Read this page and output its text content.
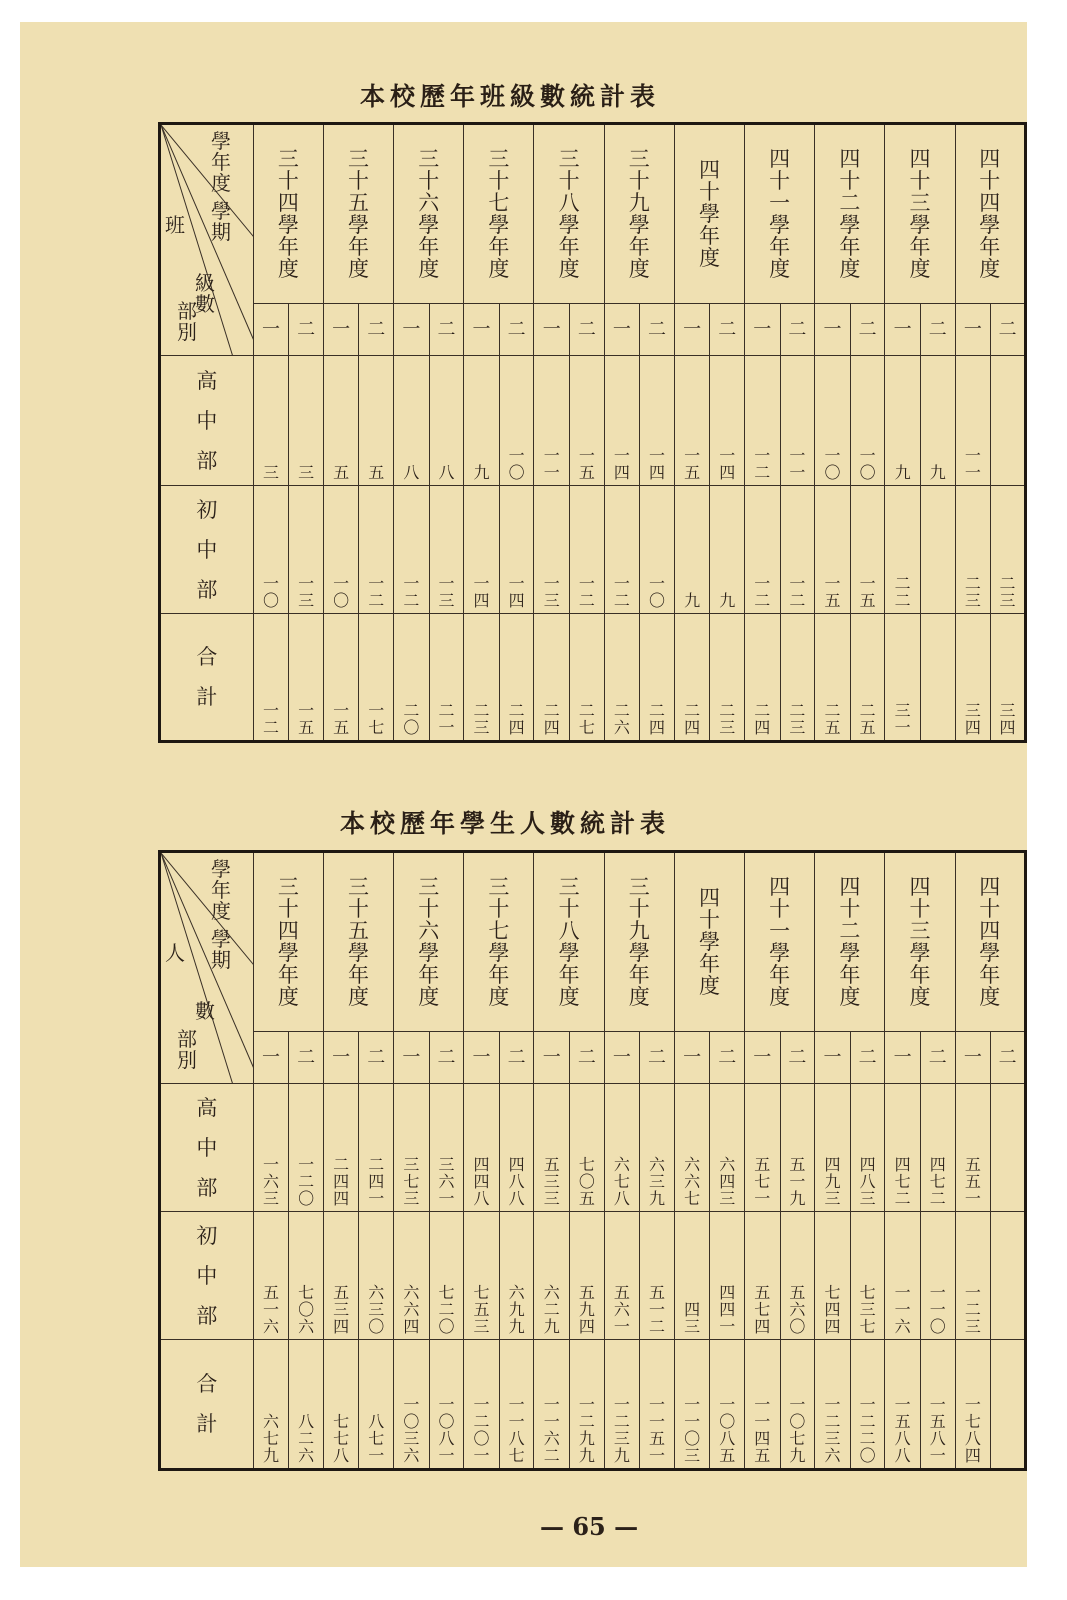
本校歷年班級數統計表
學年度
學期
班
級數
部別	三十四學年度		三十五學年度		三十六學年度		三十七學年度		三十八學年度		三十九學年度		四十學年度		四十一學年度		四十二學年度		四十三學年度		四十四學年度	
	一	二	一	二	一	二	一	二	一	二	一	二	一	二	一	二	一	二	一	二	一	二
高中部	三	三	五	五	八	八	九	一〇	一一	一五	一四	一四	一五	一四	一二	一一	一〇	一〇	九	九	一一	
初中部	一〇	一三	一〇	一二	一二	一三	一四	一四	一三	一二	一二	一〇	九	九	一二	一二	一五	一五	二二		二三	二三
合計	一二	一五	一五	一七	二〇	二一	二三	二四	二四	二七	二六	二四	二四	二三	二四	二三	二五	二五	三一		三四	三四
本校歷年學生人數統計表
學年度
學期
人
數
部別	三十四學年度		三十五學年度		三十六學年度		三十七學年度		三十八學年度		三十九學年度		四十學年度		四十一學年度		四十二學年度		四十三學年度		四十四學年度	
	一	二	一	二	一	二	一	二	一	二	一	二	一	二	一	二	一	二	一	二	一	二
高中部	一六三	一二〇	二四四	二四一	三七三	三六一	四四八	四八八	五三三	七〇五	六七八	六三九	六六七	六四三	五七一	五一九	四九三	四八三	四七二	四七二	五五一	
初中部	五一六	七〇六	五三四	六三〇	六六四	七二〇	七五三	六九九	六二九	五九四	五六一	五一二	四三	四四一	五七四	五六〇	七四四	七三七	一一六	一一〇	一二三	
合計	六七九	八二六	七七八	八七一	一〇三六	一〇八一	一二〇一	一一八七	一一六二	一二九九	一二三九	一一五一	一一〇三	一〇八五	一一四五	一〇七九	一二三六	一二二〇	一五八八	一五八一	一七八四	
— 65 —
